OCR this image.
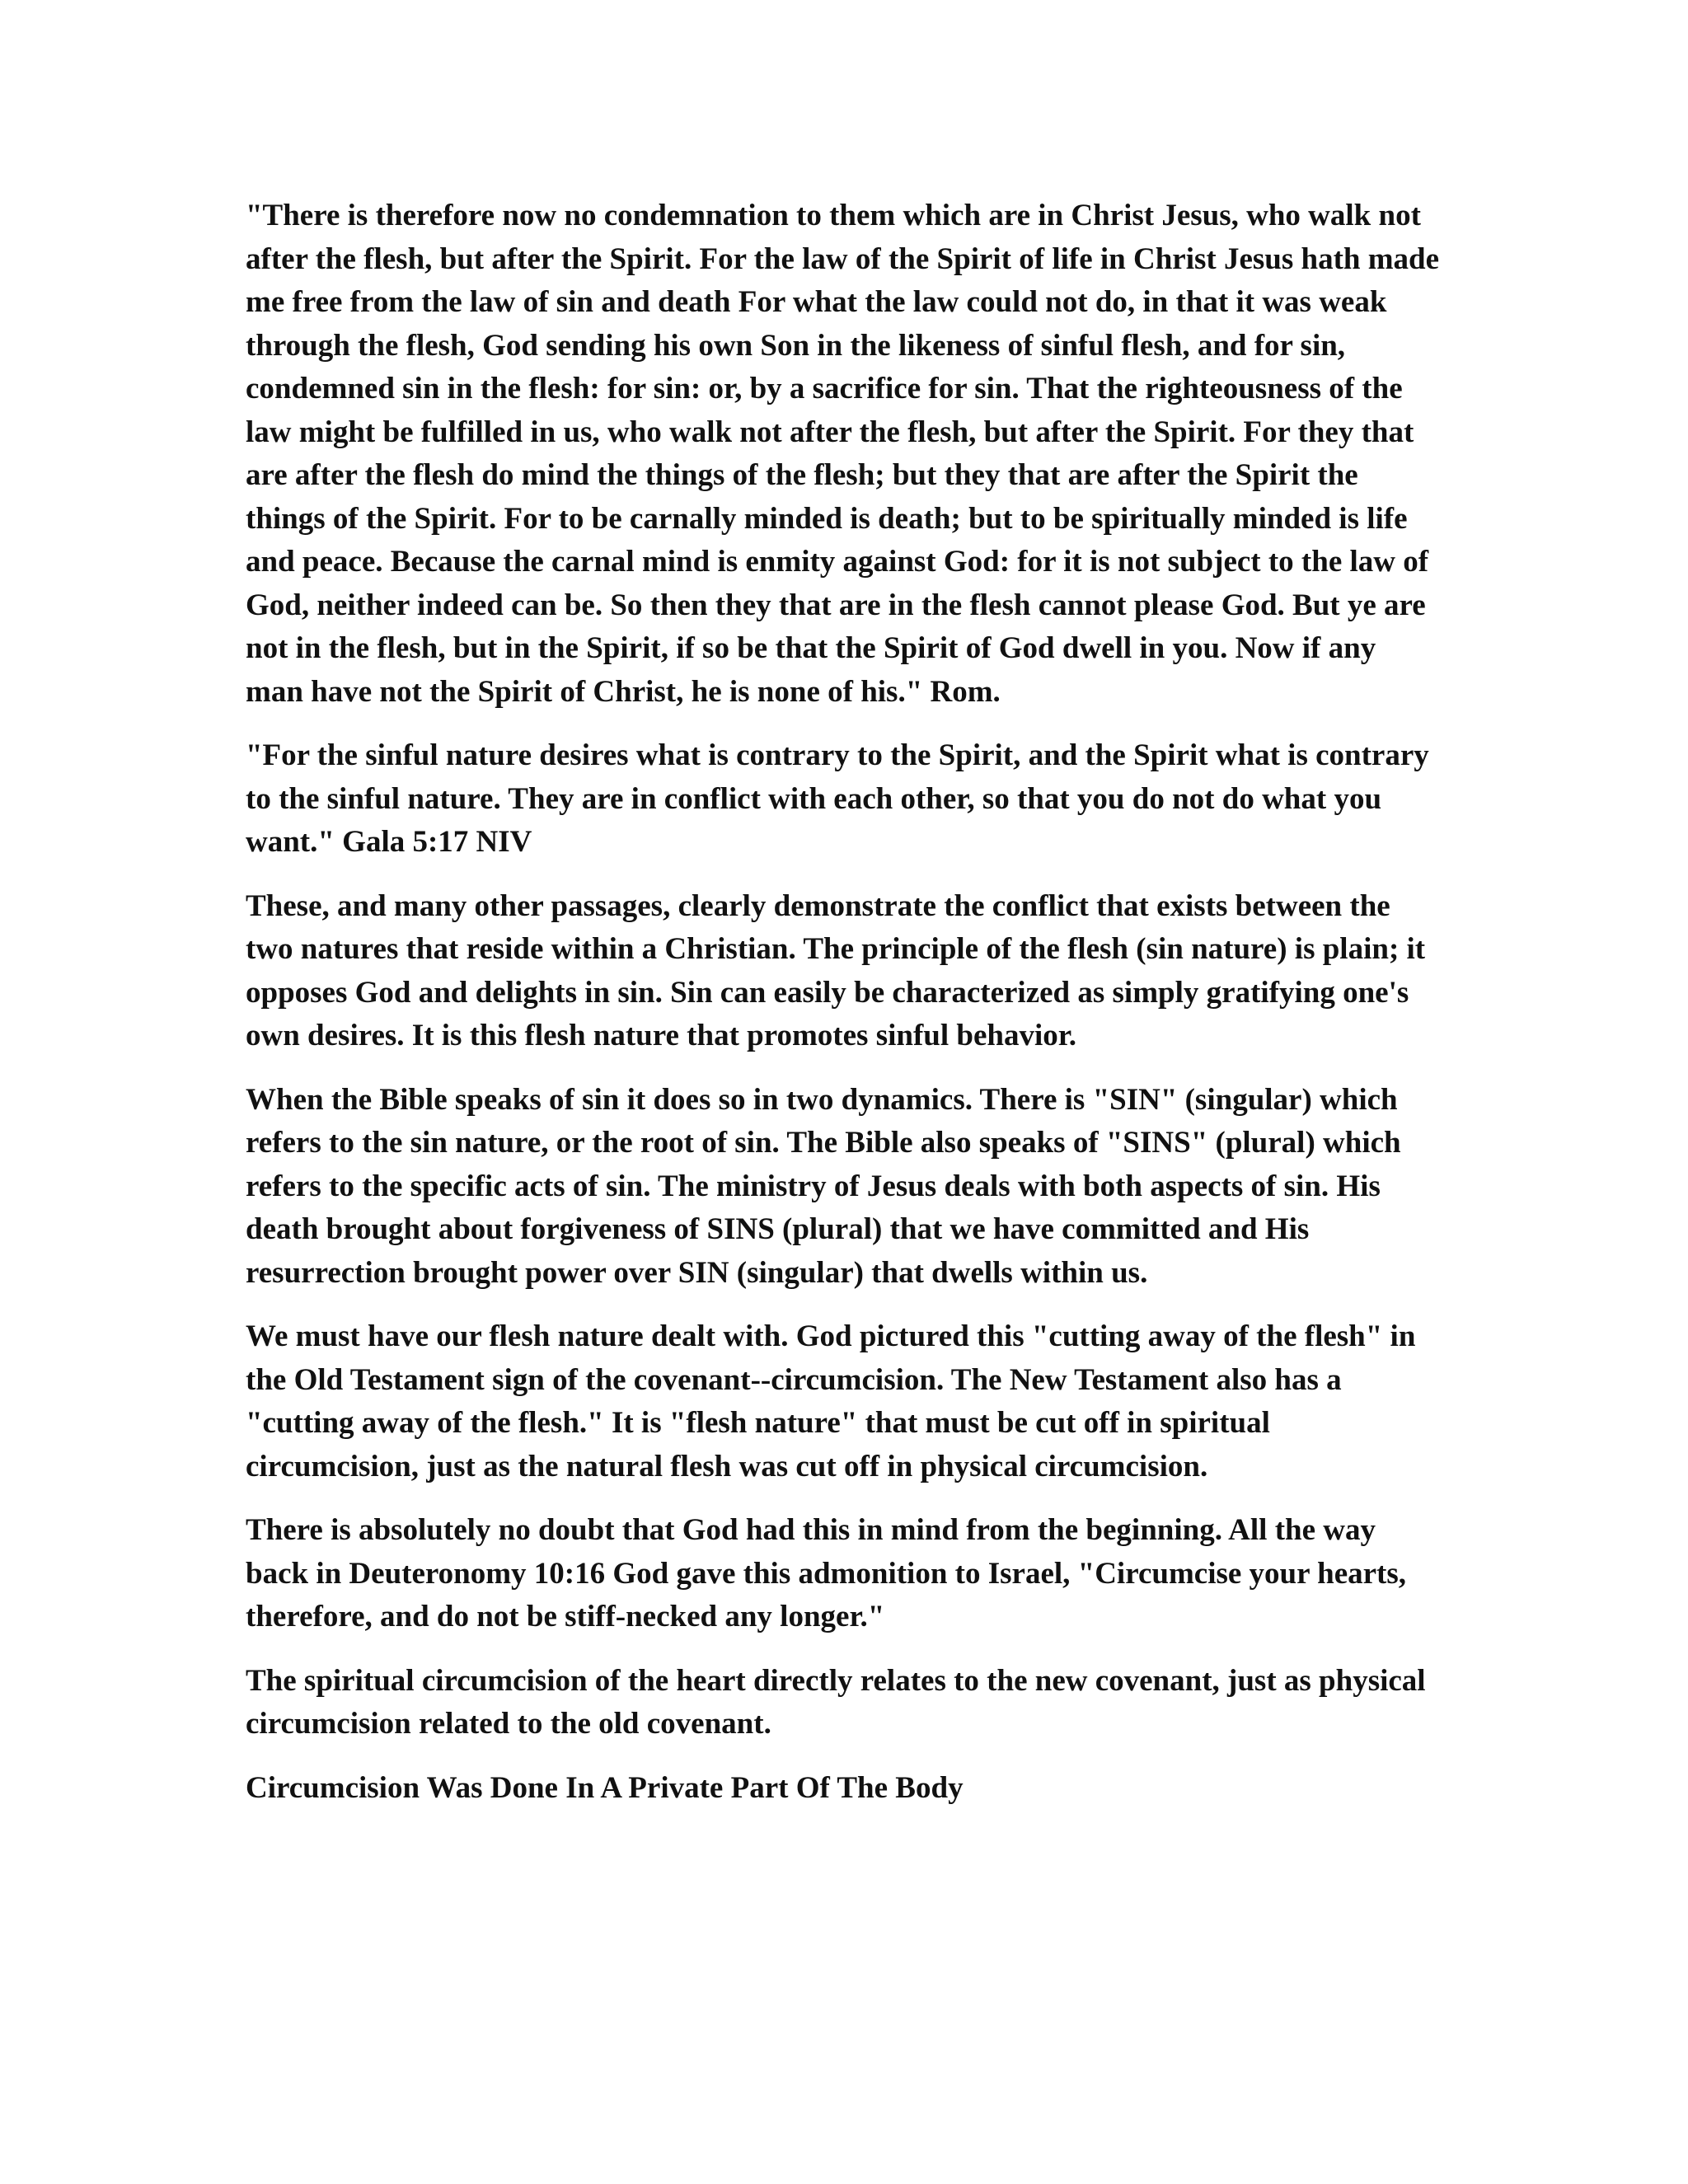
"There is therefore now no condemnation to them which are in Christ Jesus, who walk not after the flesh, but after the Spirit. For the law of the Spirit of life in Christ Jesus hath made me free from the law of sin and death For what the law could not do, in that it was weak through the flesh, God sending his own Son in the likeness of sinful flesh, and for sin, condemned sin in the flesh: for sin: or, by a sacrifice for sin. That the righteousness of the law might be fulfilled in us, who walk not after the flesh, but after the Spirit. For they that are after the flesh do mind the things of the flesh; but they that are after the Spirit the things of the Spirit. For to be carnally minded is death; but to be spiritually minded is life and peace. Because the carnal mind is enmity against God: for it is not subject to the law of God, neither indeed can be. So then they that are in the flesh cannot please God. But ye are not in the flesh, but in the Spirit, if so be that the Spirit of God dwell in you. Now if any man have not the Spirit of Christ, he is none of his." Rom.

"For the sinful nature desires what is contrary to the Spirit, and the Spirit what is contrary to the sinful nature. They are in conflict with each other, so that you do not do what you want." Gala 5:17 NIV

These, and many other passages, clearly demonstrate the conflict that exists between the two natures that reside within a Christian. The principle of the flesh (sin nature) is plain; it opposes God and delights in sin. Sin can easily be characterized as simply gratifying one's own desires. It is this flesh nature that promotes sinful behavior.

When the Bible speaks of sin it does so in two dynamics. There is "SIN" (singular) which refers to the sin nature, or the root of sin. The Bible also speaks of "SINS" (plural) which refers to the specific acts of sin. The ministry of Jesus deals with both aspects of sin. His death brought about forgiveness of SINS (plural) that we have committed and His resurrection brought power over SIN (singular) that dwells within us.

We must have our flesh nature dealt with. God pictured this "cutting away of the flesh" in the Old Testament sign of the covenant--circumcision. The New Testament also has a "cutting away of the flesh." It is "flesh nature" that must be cut off in spiritual circumcision, just as the natural flesh was cut off in physical circumcision.

There is absolutely no doubt that God had this in mind from the beginning. All the way back in Deuteronomy 10:16 God gave this admonition to Israel, "Circumcise your hearts, therefore, and do not be stiff-necked any longer."

The spiritual circumcision of the heart directly relates to the new covenant, just as physical circumcision related to the old covenant.

Circumcision Was Done In A Private Part Of The Body
